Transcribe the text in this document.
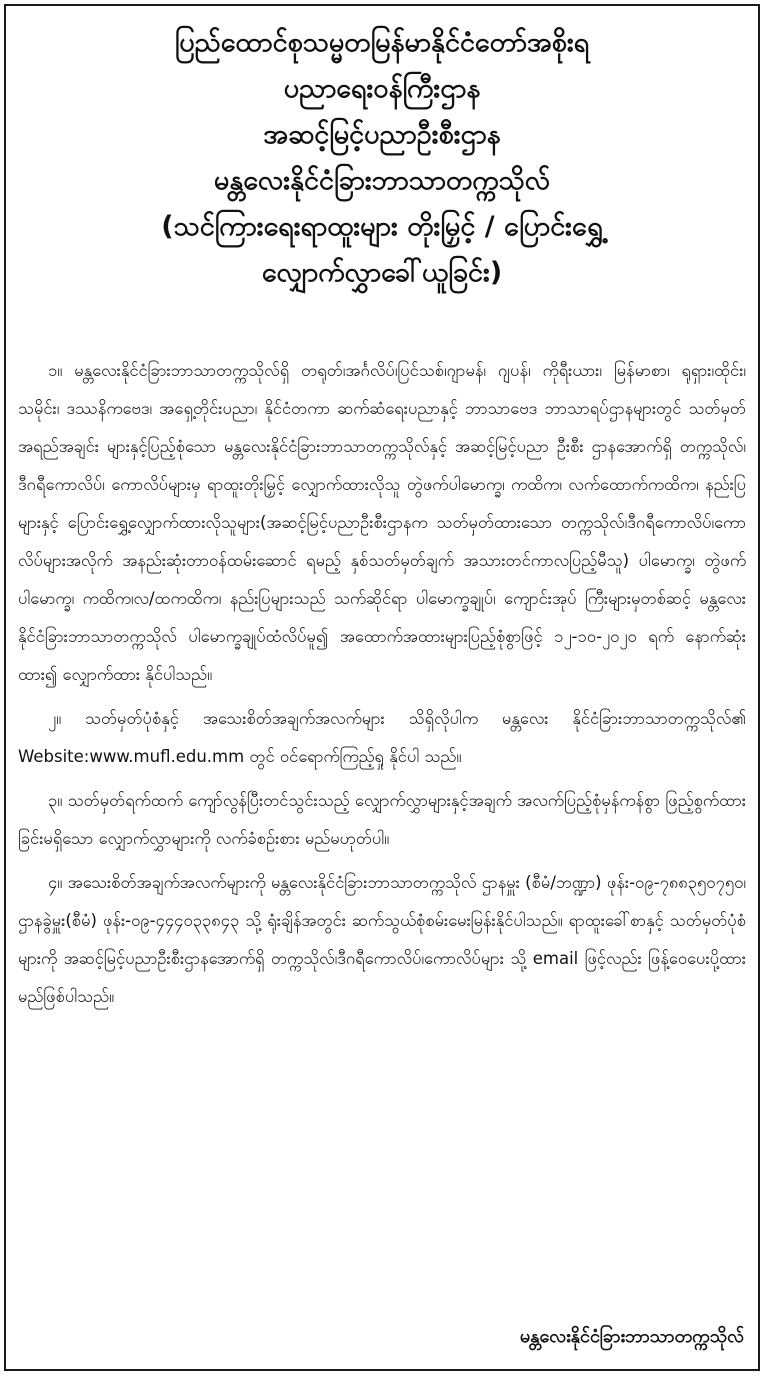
ပြည်ထောင်စုသမ္မတမြန်မာနိုင်ငံတော်အစိုးရ
ပညာရေးဝန်ကြီးဌာန
အဆင့်မြင့်ပညာဦးစီးဌာန
မန္တလေးနိုင်ငံခြားဘာသာတက္ကသိုလ်
(သင်ကြားရေးရာထူးများ တိုးမြှင့် / ပြောင်းရွှေ့
လျှောက်လွှာခေါ်ယူခြင်း)

၁။ မန္တလေးနိုင်ငံခြားဘာသာတက္ကသိုလ်ရှိ တရုတ်၊အင်္ဂလိပ်၊ပြင်သစ်၊ဂျာမန်၊ ဂျပန်၊ ကိုရီးယား၊ မြန်မာစာ၊ ရုရှား၊ထိုင်း၊သမိုင်း၊ ဒဿနိကဗေဒ၊ အရှေ့တိုင်းပညာ၊ နိုင်ငံတကာ ဆက်ဆံရေးပညာနှင့် ဘာသာဗေဒ ဘာသာရပ်ဌာနများတွင် သတ်မှတ်အရည်အချင်း များနှင့်ပြည့်စုံသော မန္တလေးနိုင်ငံခြားဘာသာတက္ကသိုလ်နှင့် အဆင့်မြင့်ပညာ ဦးစီး ဌာနအောက်ရှိ တက္ကသိုလ်၊ ဒီဂရီကောလိပ်၊ ကောလိပ်များမှ ရာထူးတိုးမြှင့် လျှောက်ထားလိုသူ တွဲဖက်ပါမောက္ခ၊ ကထိက၊ လက်ထောက်ကထိက၊ နည်းပြများနှင့် ပြောင်းရွှေ့လျှောက်ထားလိုသူများ(အဆင့်မြင့်ပညာဦးစီးဌာနက သတ်မှတ်ထားသော တက္ကသိုလ်၊ဒီဂရီကောလိပ်၊ကောလိပ်များအလိုက် အနည်းဆုံးတာဝန်ထမ်းဆောင် ရမည့် နှစ်သတ်မှတ်ချက် အသားတင်ကာလပြည့်မီသူ) ပါမောက္ခ၊ တွဲဖက်ပါမောက္ခ၊ ကထိက၊လ/ထကထိက၊ နည်းပြများသည် သက်ဆိုင်ရာ ပါမောက္ခချုပ်၊ ကျောင်းအုပ် ကြီးများမှတစ်ဆင့် မန္တလေးနိုင်ငံခြားဘာသာတက္ကသိုလ် ပါမောက္ခချုပ်ထံလိပ်မူ၍ အထောက်အထားများပြည့်စုံစွာဖြင့် ၁၂-၁၀-၂၀၂၀ ရက် နောက်ဆုံးထား၍ လျှောက်ထား နိုင်ပါသည်။

၂။ သတ်မှတ်ပုံစံနှင့် အသေးစိတ်အချက်အလက်များ သိရှိလိုပါက မန္တလေး နိုင်ငံခြားဘာသာတက္ကသိုလ်၏ Website:www.mufl.edu.mm တွင် ဝင်ရောက်ကြည့်ရှု နိုင်ပါ သည်။

၃။ သတ်မှတ်ရက်ထက် ကျော်လွန်ပြီးတင်သွင်းသည့် လျှောက်လွှာများနှင့်အချက် အလက်ပြည့်စုံမှန်ကန်စွာ ဖြည့်စွက်ထားခြင်းမရှိသော လျှောက်လွှာများကို လက်ခံစဉ်းစား မည်မဟုတ်ပါ။

၄။ အသေးစိတ်အချက်အလက်များကို မန္တလေးနိုင်ငံခြားဘာသာတက္ကသိုလ် ဌာနမှူး (စီမံ/ဘဏ္ဍာ) ဖုန်း-၀၉-၇၈၈၃၅၀၇၅၀၊ ဌာနခွဲမှူး(စီမံ) ဖုန်း-၀၉-၄၄၄၀၃၃၈၄၃ သို့ ရုံးချိန်အတွင်း ဆက်သွယ်စုံစမ်းမေးမြန်းနိုင်ပါသည်။ ရာထူးခေါ်စာနှင့် သတ်မှတ်ပုံစံ များကို အဆင့်မြင့်ပညာဦးစီးဌာနအောက်ရှိ တက္ကသိုလ်၊ဒီဂရီကောလိပ်၊ကောလိပ်များ သို့ email ဖြင့်လည်း ဖြန့်ဝေပေးပို့ထားမည်ဖြစ်ပါသည်။

မန္တလေးနိုင်ငံခြားဘာသာတက္ကသိုလ်
